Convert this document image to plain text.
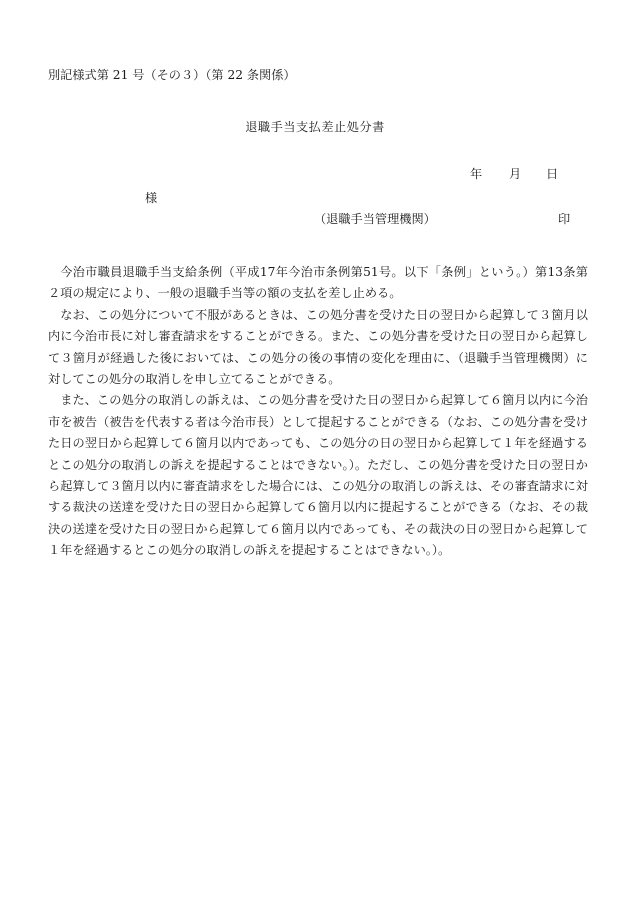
別記様式第 21 号（その３）（第 22 条関係）
退職手当支払差止処分書
年 月 日
様
（退職手当管理機関）	印

今治市職員退職手当支給条例（平成17年今治市条例第51号。以下「条例」という。）第13条第２項の規定により、一般の退職手当等の額の支払を差し止める。

なお、この処分について不服があるときは、この処分書を受けた日の翌日から起算して３箇月以内に今治市長に対し審査請求をすることができる。また、この処分書を受けた日の翌日から起算して３箇月が経過した後においては、この処分の後の事情の変化を理由に、（退職手当管理機関）に対してこの処分の取消しを申し立てることができる。

また、この処分の取消しの訴えは、この処分書を受けた日の翌日から起算して６箇月以内に今治市を被告（被告を代表する者は今治市長）として提起することができる（なお、この処分書を受けた日の翌日から起算して６箇月以内であっても、この処分の日の翌日から起算して１年を経過するとこの処分の取消しの訴えを提起することはできない。）。ただし、この処分書を受けた日の翌日から起算して３箇月以内に審査請求をした場合には、この処分の取消しの訴えは、その審査請求に対する裁決の送達を受けた日の翌日から起算して６箇月以内に提起することができる（なお、その裁決の送達を受けた日の翌日から起算して６箇月以内であっても、その裁決の日の翌日から起算して１年を経過するとこの処分の取消しの訴えを提起することはできない。）。
